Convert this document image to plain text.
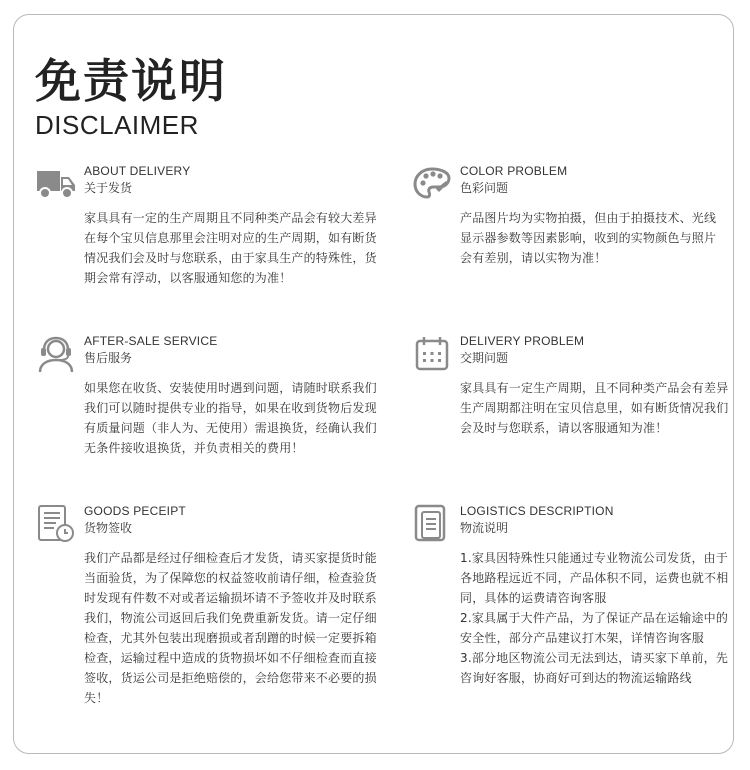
免责说明
DISCLAIMER
ABOUT DELIVERY
关于发货
家具具有一定的生产周期且不同种类产品会有较大差异
在每个宝贝信息那里会注明对应的生产周期，如有断货
情况我们会及时与您联系，由于家具生产的特殊性，货
期会常有浮动，以客服通知您的为准！
COLOR PROBLEM
色彩问题
产品图片均为实物拍摄，但由于拍摄技术、光线
显示器参数等因素影响，收到的实物颜色与照片
会有差别，请以实物为准！
AFTER-SALE SERVICE
售后服务
如果您在收货、安装使用时遇到问题，请随时联系我们
我们可以随时提供专业的指导，如果在收到货物后发现
有质量问题（非人为、无使用）需退换货，经确认我们
无条件接收退换货，并负责相关的费用！
DELIVERY PROBLEM
交期问题
家具具有一定生产周期，且不同种类产品会有差异
生产周期都注明在宝贝信息里，如有断货情况我们
会及时与您联系，请以客服通知为准！
GOODS PECEIPT
货物签收
我们产品都是经过仔细检查后才发货，请买家提货时能
当面验货，为了保障您的权益签收前请仔细，检查验货
时发现有件数不对或者运输损坏请不予签收并及时联系
我们，物流公司返回后我们免费重新发货。请一定仔细
检查，尤其外包装出现磨损或者刮蹭的时候一定要拆箱
检查，运输过程中造成的货物损坏如不仔细检查而直接
签收，货运公司是拒绝赔偿的，会给您带来不必要的损
失！
LOGISTICS DESCRIPTION
物流说明
1.家具因特殊性只能通过专业物流公司发货，由于
各地路程远近不同，产品体积不同，运费也就不相
同，具体的运费请咨询客服
2.家具属于大件产品，为了保证产品在运输途中的
安全性，部分产品建议打木架，详情咨询客服
3.部分地区物流公司无法到达，请买家下单前，先
咨询好客服，协商好可到达的物流运输路线
